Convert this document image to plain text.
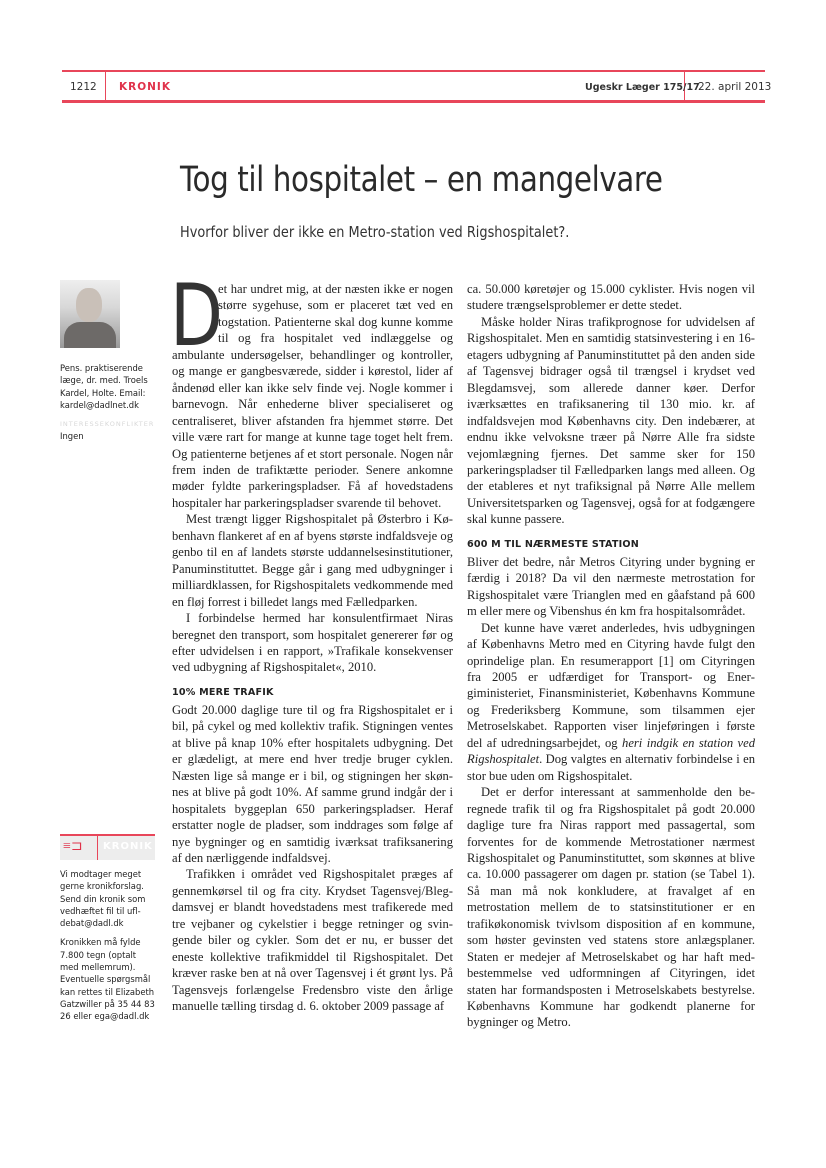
1212 KRONIK	Ugeskr Læger 175/17
22. april 2013
Tog til hospitalet – en mangelvare
Hvorfor bliver der ikke en Metro-station ved Rigshospitalet?.

Pens. praktiserende læge, dr. med. Troels Kardel, Holte. Email: kardel@dadlnet.dk

INTERESSEKONFLIKTER
Ingen
≡⊐ KRONIK

Vi modtager meget gerne kronikforslag. Send din kronik som vedhæftet fil til ufl-debat@dadl.dk

Kronikken må fylde 7.800 tegn (optalt med mellemrum). Eventuelle spørgsmål kan rettes til Elizabeth Gatzwiller på 35 44 83 26 eller ega@dadl.dk

D
et har undret mig, at der næsten ikke er nogen større sygehuse, som er placeret tæt ved en togstation. Patienterne skal dog kunne komme til og fra hospitalet ved indlæggelse og ambulante undersøgelser, behandlinger og kontroller, og mange er gangbesværede, sidder i kørestol, lider af åndenød eller kan ikke selv finde vej. Nogle kommer i barnevogn. Når enhederne bliver specialiseret og centraliseret, bliver afstanden fra hjemmet større. Det ville være rart for mange at kunne tage toget helt frem. Og patienterne betjenes af et stort personale. Nogen når frem inden de trafiktætte perioder. Senere ankomne møder fyldte parkeringspladser. Få af hovedstadens hospitaler har parkeringspladser svarende til behovet.

Mest trængt ligger Rigshospitalet på Østerbro i København flankeret af en af byens største indfaldsveje og genbo til en af landets største uddannelsesinstitutioner, Panuminstituttet. Begge går i gang med udbygninger i milliardklassen, for Rigshospitalets vedkommende med en fløj forrest i billedet langs med Fælledparken.

I forbindelse hermed har konsulentfirmaet Niras beregnet den transport, som hospitalet genererer før og efter udvidelsen i en rapport, »Trafikale konsekvenser ved udbygning af Rigshospitalet«, 2010.

10% MERE TRAFIK

Godt 20.000 daglige ture til og fra Rigshospitalet er i bil, på cykel og med kollektiv trafik. Stigningen ventes at blive på knap 10% efter hospitalets udbygning. Det er glædeligt, at mere end hver tredje bruger cyklen. Næsten lige så mange er i bil, og stigningen her skønnes at blive på godt 10%. Af samme grund indgår der i hospitalets byggeplan 650 parkeringspladser. Heraf erstatter nogle de pladser, som inddrages som følge af nye bygninger og en samtidig iværksat trafiksanering af den nærliggende indfaldsvej.

Trafikken i området ved Rigshospitalet præges af gennemkørsel til og fra city. Krydset Tagensvej/Blegdamsvej er blandt hovedstadens mest trafikerede med tre vejbaner og cykelstier i begge retninger og svingende biler og cykler. Som det er nu, er busser det eneste kollektive trafikmiddel til Rigshospitalet. Det kræver raske ben at nå over Tagensvej i ét grønt lys. På Tagensvejs forlængelse Fredensbro viste den årlige manuelle tælling tirsdag d. 6. oktober 2009 passage af

ca. 50.000 køretøjer og 15.000 cyklister. Hvis nogen vil studere trængselsproblemer er dette stedet.

Måske holder Niras trafikprognose for udvidelsen af Rigshospitalet. Men en samtidig statsinvestering i en 16-etagers udbygning af Panuminstituttet på den anden side af Tagensvej bidrager også til trængsel i krydset ved Blegdamsvej, som allerede danner køer. Derfor iværksættes en trafiksanering til 130 mio. kr. af indfaldsvejen mod Københavns city. Den indebærer, at endnu ikke velvoksne træer på Nørre Alle fra sidste vejomlægning fjernes. Det samme sker for 150 parkeringspladser til Fælledparken langs med alleen. Og der etableres et nyt trafiksignal på Nørre Alle mellem Universitetsparken og Tagensvej, også for at fodgængere skal kunne passere.

600 M TIL NÆRMESTE STATION

Bliver det bedre, når Metros Cityring under bygning er færdig i 2018? Da vil den nærmeste metrostation for Rigshospitalet være Trianglen med en gåafstand på 600 m eller mere og Vibenshus én km fra hospitalsområdet.

Det kunne have været anderledes, hvis udbygningen af Københavns Metro med en Cityring havde fulgt den oprindelige plan. En resumerapport [1] om Cityringen fra 2005 er udfærdiget for Transport- og Energiministeriet, Finansministeriet, Københavns Kommune og Frederiksberg Kommune, som tilsammen ejer Metroselskabet. Rapporten viser linjeføringen i første del af udredningsarbejdet, og heri indgik en station ved Rigshospitalet. Dog valgtes en alternativ forbindelse i en stor bue uden om Rigshospitalet.

Det er derfor interessant at sammenholde den beregnede trafik til og fra Rigshospitalet på godt 20.000 daglige ture fra Niras rapport med passagertal, som forventes for de kommende Metrostationer nærmest Rigshospitalet og Panuminstituttet, som skønnes at blive ca. 10.000 passagerer om dagen pr. station (se Tabel 1). Så man må nok konkludere, at fravalget af en metrostation mellem de to statsinstitutioner er en trafikøkonomisk tvivlsom disposition af en kommune, som høster gevinsten ved statens store anlægsplaner. Staten er medejer af Metroselskabet og har haft medbestemmelse ved udformningen af Cityringen, idet staten har formandsposten i Metroselskabets bestyrelse. Københavns Kommune har godkendt planerne for bygninger og Metro.
